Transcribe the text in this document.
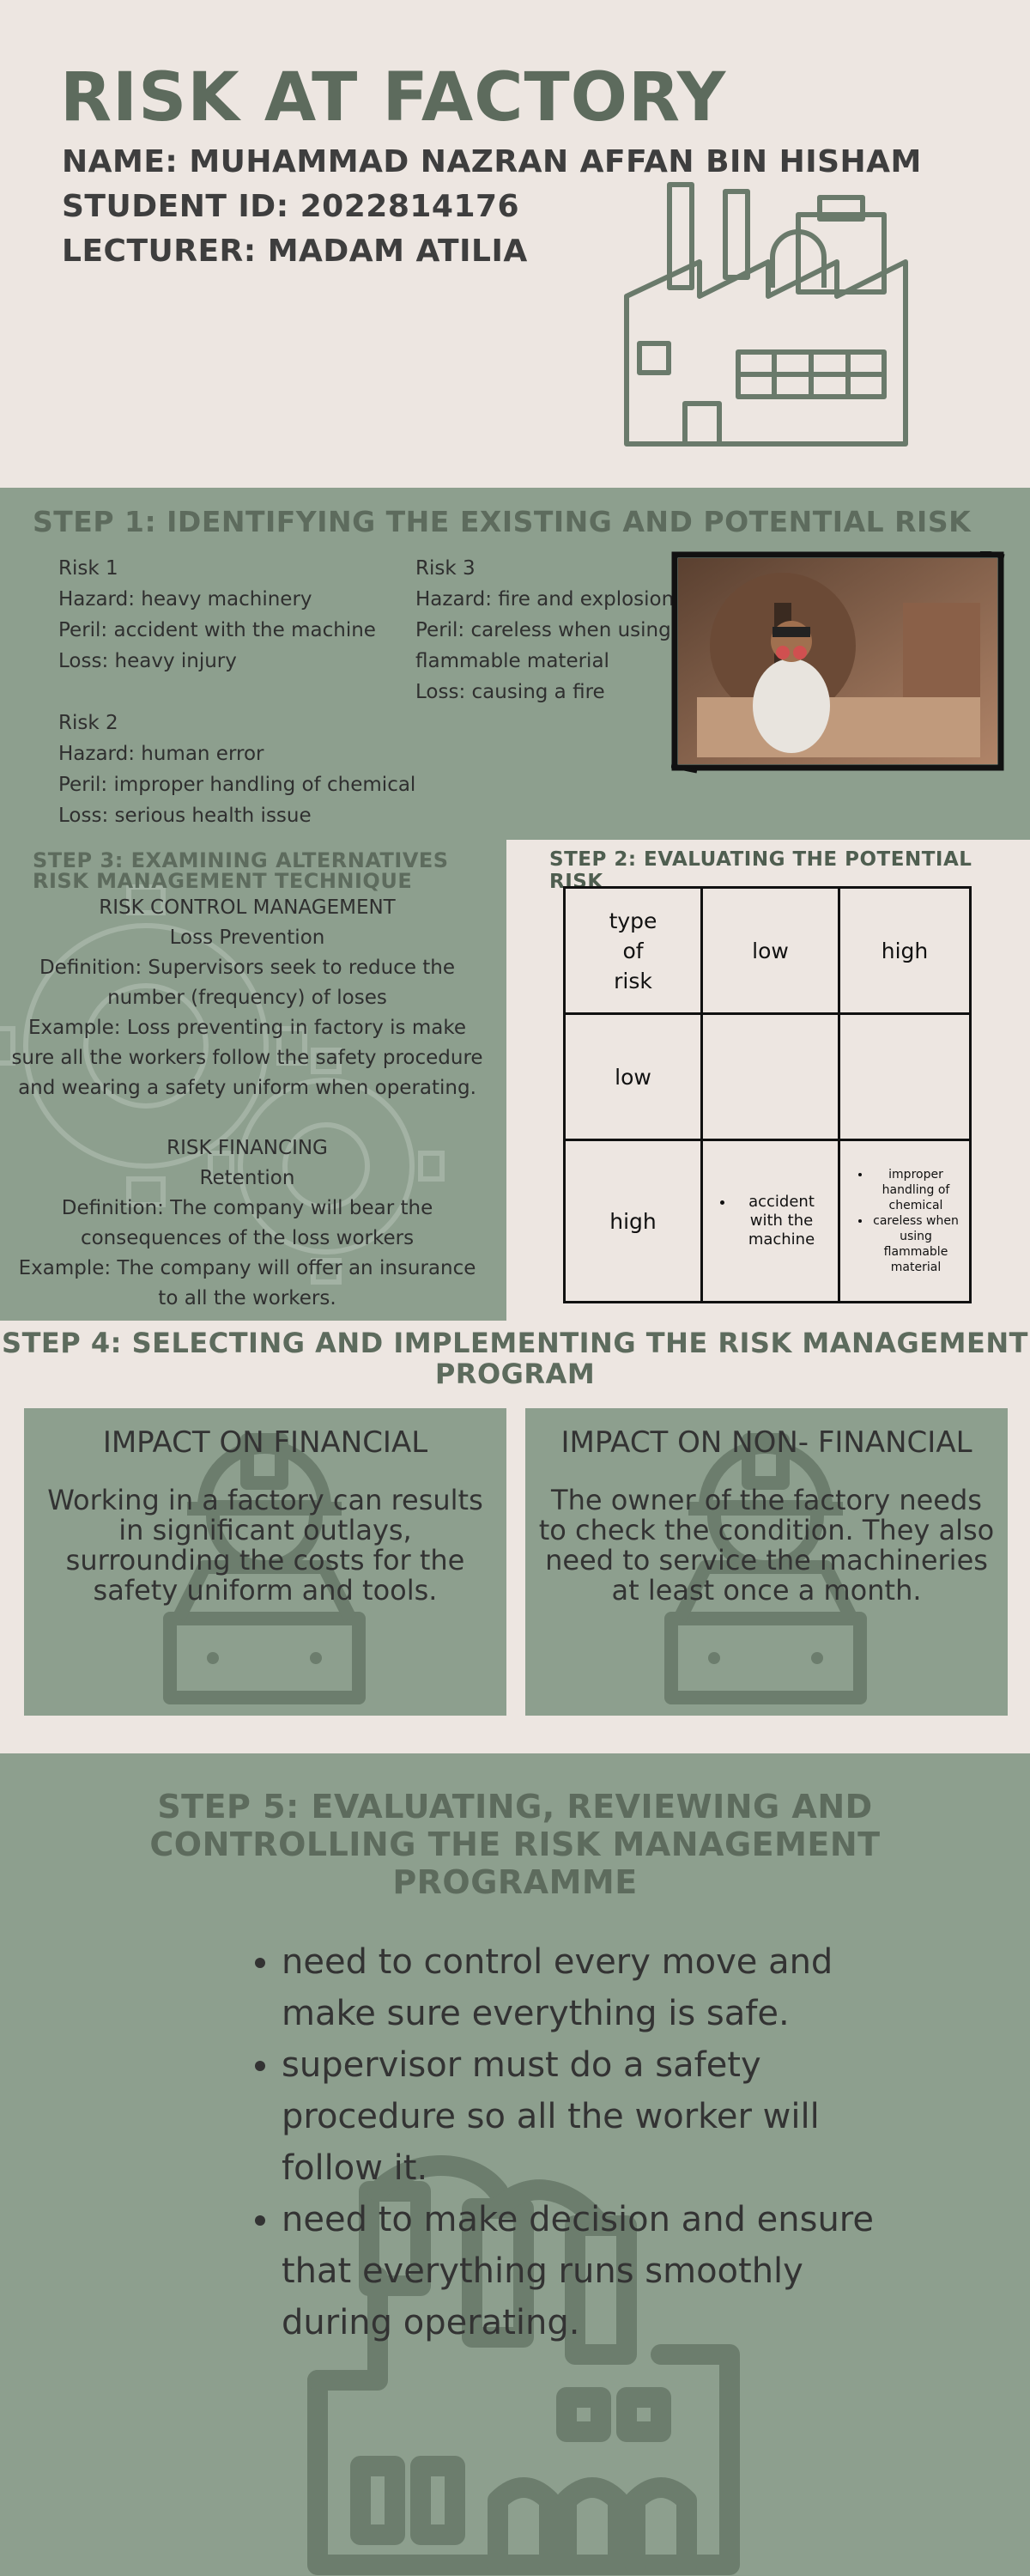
RISK AT FACTORY
NAME: MUHAMMAD NAZRAN AFFAN BIN HISHAM
STUDENT ID: 2022814176
LECTURER: MADAM ATILIA
STEP 1: IDENTIFYING THE EXISTING AND POTENTIAL RISK
Risk 1
Hazard: heavy machinery
Peril: accident with the machine
Loss: heavy injury
Risk 2
Hazard: human error
Peril: improper handling of chemical
Loss: serious health issue
Risk 3
Hazard: fire and explosion
Peril: careless when using
flammable material
Loss: causing a fire
STEP 3: EXAMINING ALTERNATIVES
RISK MANAGEMENT TECHNIQUE
RISK CONTROL MANAGEMENT
Loss Prevention
Definition: Supervisors seek to reduce the number (frequency) of loses
Example: Loss preventing in factory is make sure all the workers follow the safety procedure and wearing a safety uniform when operating.
RISK FINANCING
Retention
Definition: The company will bear the consequences of the loss workers
Example: The company will offer an insurance to all the workers.
STEP 2: EVALUATING THE POTENTIAL RISK
type of risk
low	high
low
high
• accident with the machine
• improper handling of chemical
• careless when using flammable material
STEP 4: SELECTING AND IMPLEMENTING THE RISK MANAGEMENT
PROGRAM
IMPACT ON FINANCIAL

Working in a factory can results in significant outlays, surrounding the costs for the safety uniform and tools.

IMPACT ON NON- FINANCIAL

The owner of the factory needs to check the condition. They also need to service the machineries at least once a month.

STEP 5: EVALUATING, REVIEWING AND
CONTROLLING THE RISK MANAGEMENT
PROGRAMME
• need to control every move and make sure everything is safe.
• supervisor must do a safety procedure so all the worker will follow it.
• need to make decision and ensure that everything runs smoothly during operating.
